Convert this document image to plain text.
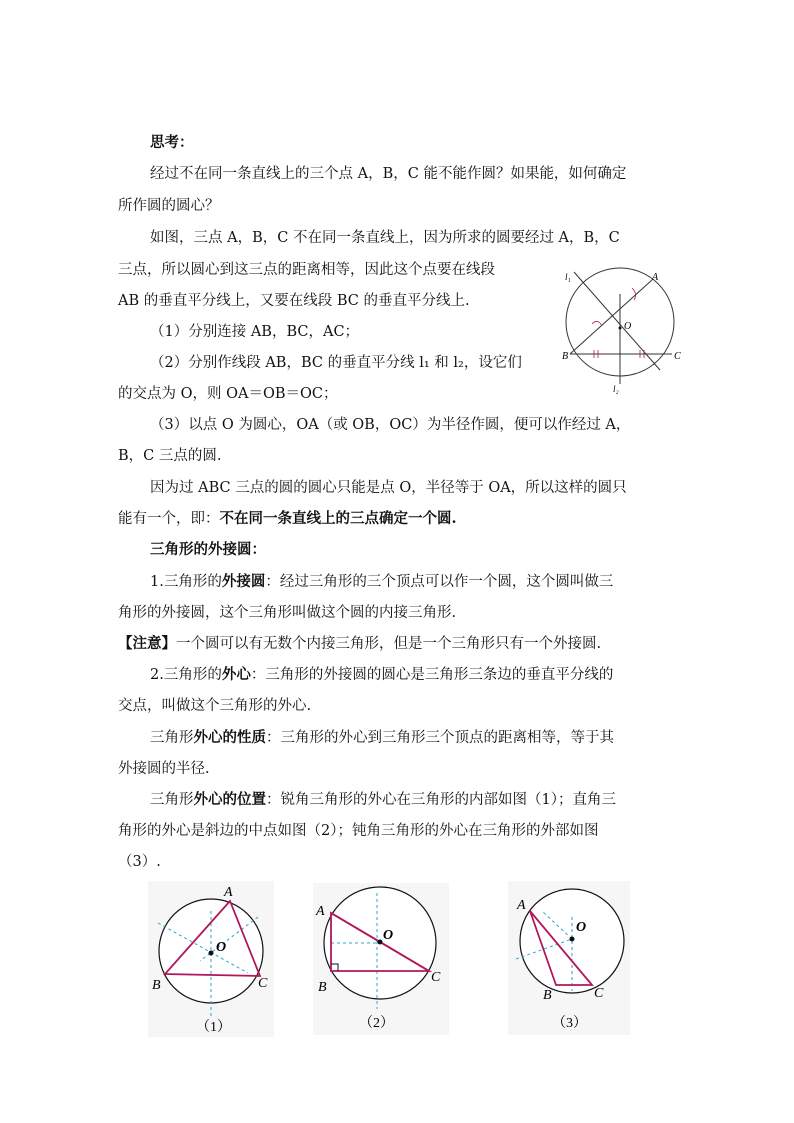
思考：
经过不在同一条直线上的三个点 A，B，C 能不能作圆？如果能，如何确定
所作圆的圆心？
如图，三点 A，B，C 不在同一条直线上，因为所求的圆要经过 A，B，C
三点，所以圆心到这三点的距离相等，因此这个点要在线段
AB 的垂直平分线上，又要在线段 BC 的垂直平分线上.
（1）分别连接 AB，BC，AC；
（2）分别作线段 AB，BC 的垂直平分线 l₁ 和 l₂，设它们
的交点为 O，则 OA＝OB＝OC；
（3）以点 O 为圆心，OA（或 OB，OC）为半径作圆，便可以作经过 A，
B，C 三点的圆.
因为过 ABC 三点的圆的圆心只能是点 O，半径等于 OA，所以这样的圆只
能有一个，即：不在同一条直线上的三点确定一个圆.
三角形的外接圆：
1.三角形的外接圆：经过三角形的三个顶点可以作一个圆，这个圆叫做三
角形的外接圆，这个三角形叫做这个圆的内接三角形.
【注意】一个圆可以有无数个内接三角形，但是一个三角形只有一个外接圆.
2.三角形的外心：三角形的外接圆的圆心是三角形三条边的垂直平分线的
交点，叫做这个三角形的外心.
三角形外心的性质：三角形的外心到三角形三个顶点的距离相等，等于其
外接圆的半径.
三角形外心的位置：锐角三角形的外心在三角形的内部如图（1）；直角三
角形的外心是斜边的中点如图（2）；钝角三角形的外心在三角形的外部如图
（3）.
O
A
B	C
l₁
l₂
O
A
B	C
（1）
O
A
B
C
（2）
O
A
B	C
（3）
